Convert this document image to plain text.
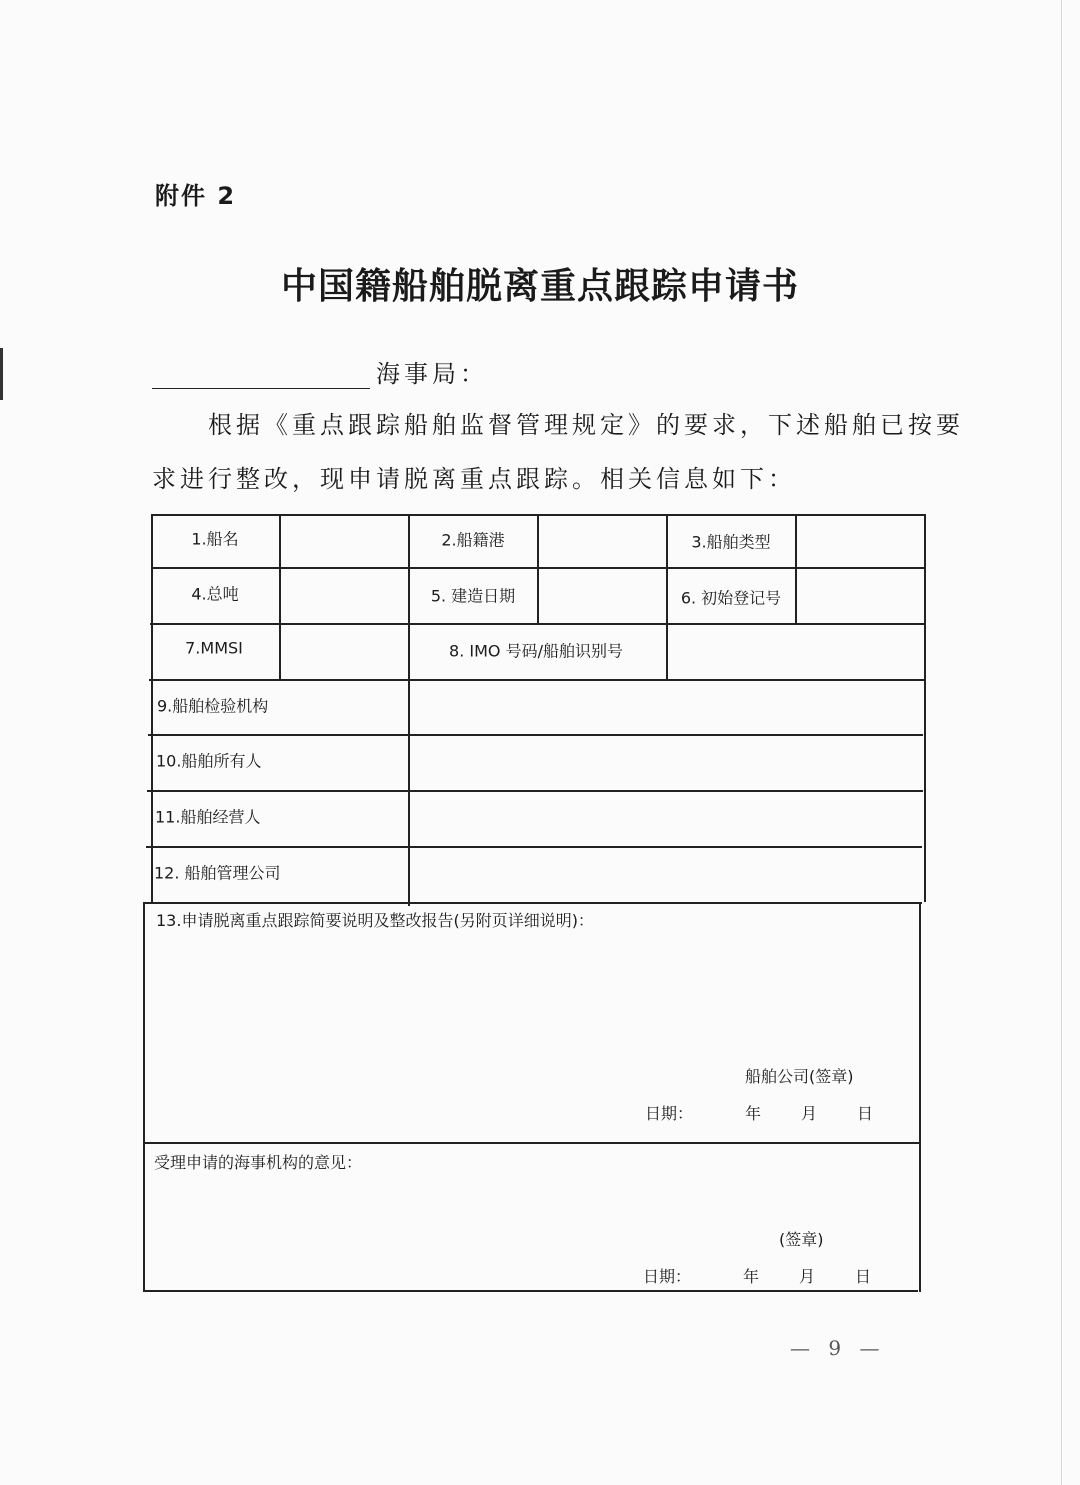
附件 2
中国籍船舶脱离重点跟踪申请书
海事局：
根据《重点跟踪船舶监督管理规定》的要求，下述船舶已按要
求进行整改，现申请脱离重点跟踪。相关信息如下：
1.船名	2.船籍港	3.船舶类型
4.总吨	5. 建造日期	6. 初始登记号
7.MMSI	8. IMO 号码/船舶识别号
9.船舶检验机构
10.船舶所有人
11.船舶经营人
12. 船舶管理公司
13.申请脱离重点跟踪简要说明及整改报告(另附页详细说明)：
船舶公司(签章)
日期：	年 月 日
受理申请的海事机构的意见：
(签章)
日期：	年 月 日
— 9 —
